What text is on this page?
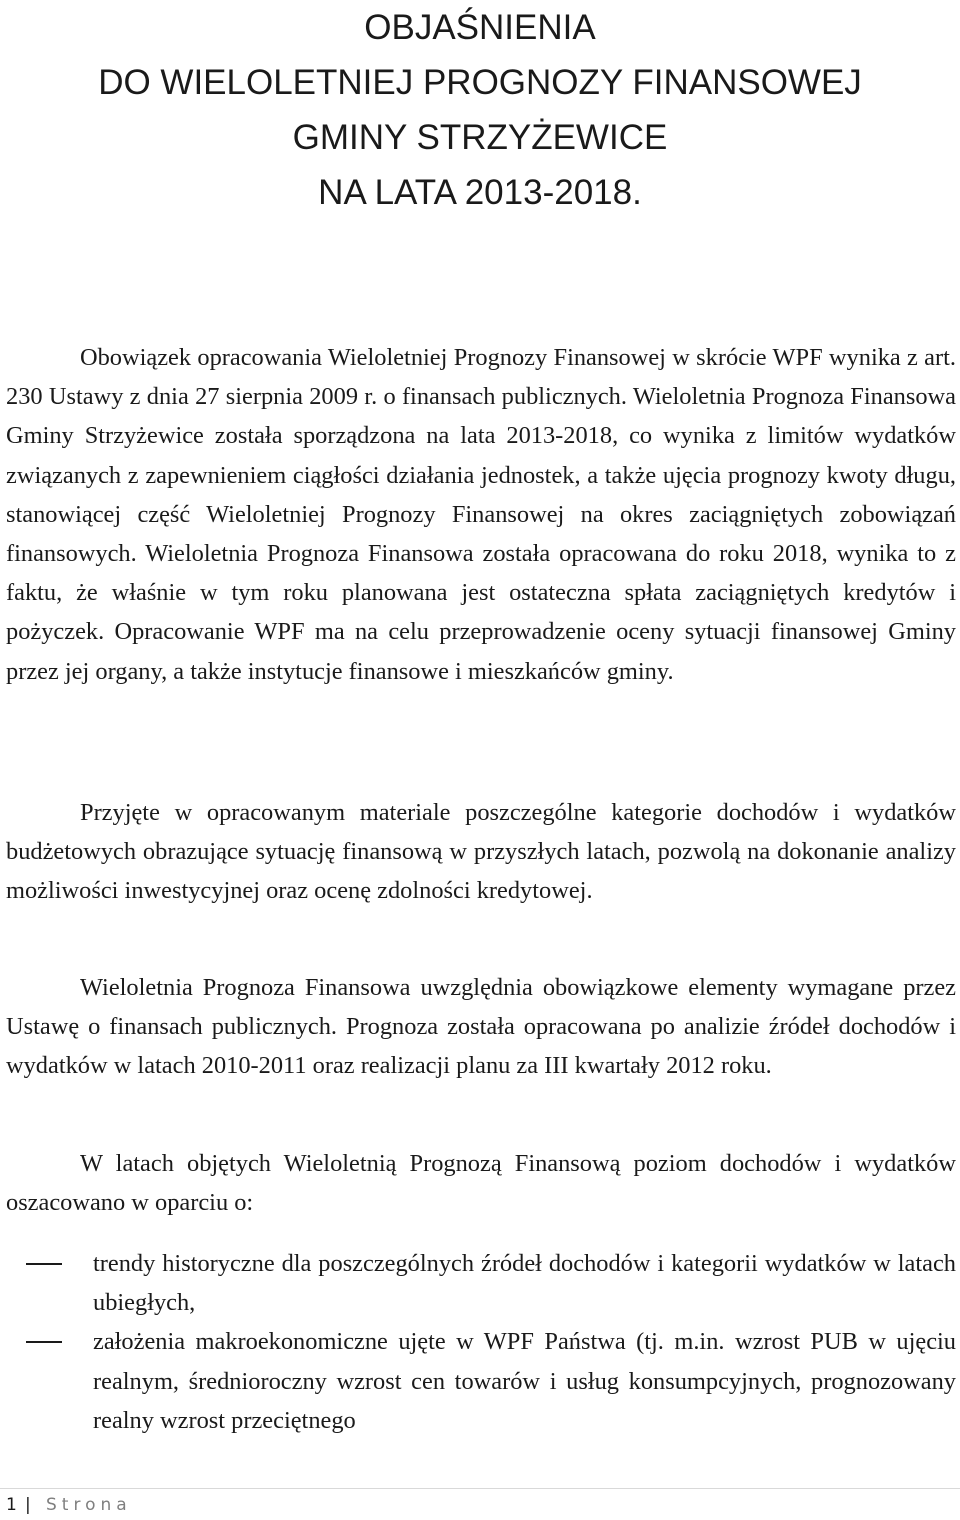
OBJAŚNIENIA
DO WIELOLETNIEJ PROGNOZY FINANSOWEJ
GMINY STRZYŻEWICE
NA LATA 2013-2018.

Obowiązek opracowania Wieloletniej Prognozy Finansowej w skrócie WPF wynika z art. 230 Ustawy z dnia 27 sierpnia 2009 r. o finansach publicznych. Wieloletnia Prognoza Finansowa Gminy Strzyżewice została sporządzona na lata 2013-2018, co wynika z limitów wydatków związanych z zapewnieniem ciągłości działania jednostek, a także ujęcia prognozy kwoty długu, stanowiącej część Wieloletniej Prognozy Finansowej na okres zaciągniętych zobowiązań finansowych. Wieloletnia Prognoza Finansowa została opracowana do roku 2018, wynika to z faktu, że właśnie w tym roku planowana jest ostateczna spłata zaciągniętych kredytów i pożyczek. Opracowanie WPF ma na celu przeprowadzenie oceny sytuacji finansowej Gminy przez jej organy, a także instytucje finansowe i mieszkańców gminy.

Przyjęte w opracowanym materiale poszczególne kategorie dochodów i wydatków budżetowych obrazujące sytuację finansową w przyszłych latach, pozwolą na dokonanie analizy możliwości inwestycyjnej oraz ocenę zdolności kredytowej.

Wieloletnia Prognoza Finansowa uwzględnia obowiązkowe elementy wymagane przez Ustawę o finansach publicznych. Prognoza została opracowana po analizie źródeł dochodów i wydatków w latach 2010-2011 oraz realizacji planu za III kwartały 2012 roku.

W latach objętych Wieloletnią Prognozą Finansową poziom dochodów i wydatków oszacowano w oparciu o:

trendy historyczne dla poszczególnych źródeł dochodów i kategorii wydatków w latach ubiegłych,
założenia makroekonomiczne ujęte w WPF Państwa (tj. m.in. wzrost PUB w ujęciu realnym, średnioroczny wzrost cen towarów i usług konsumpcyjnych, prognozowany realny wzrost przeciętnego
1 | Strona
